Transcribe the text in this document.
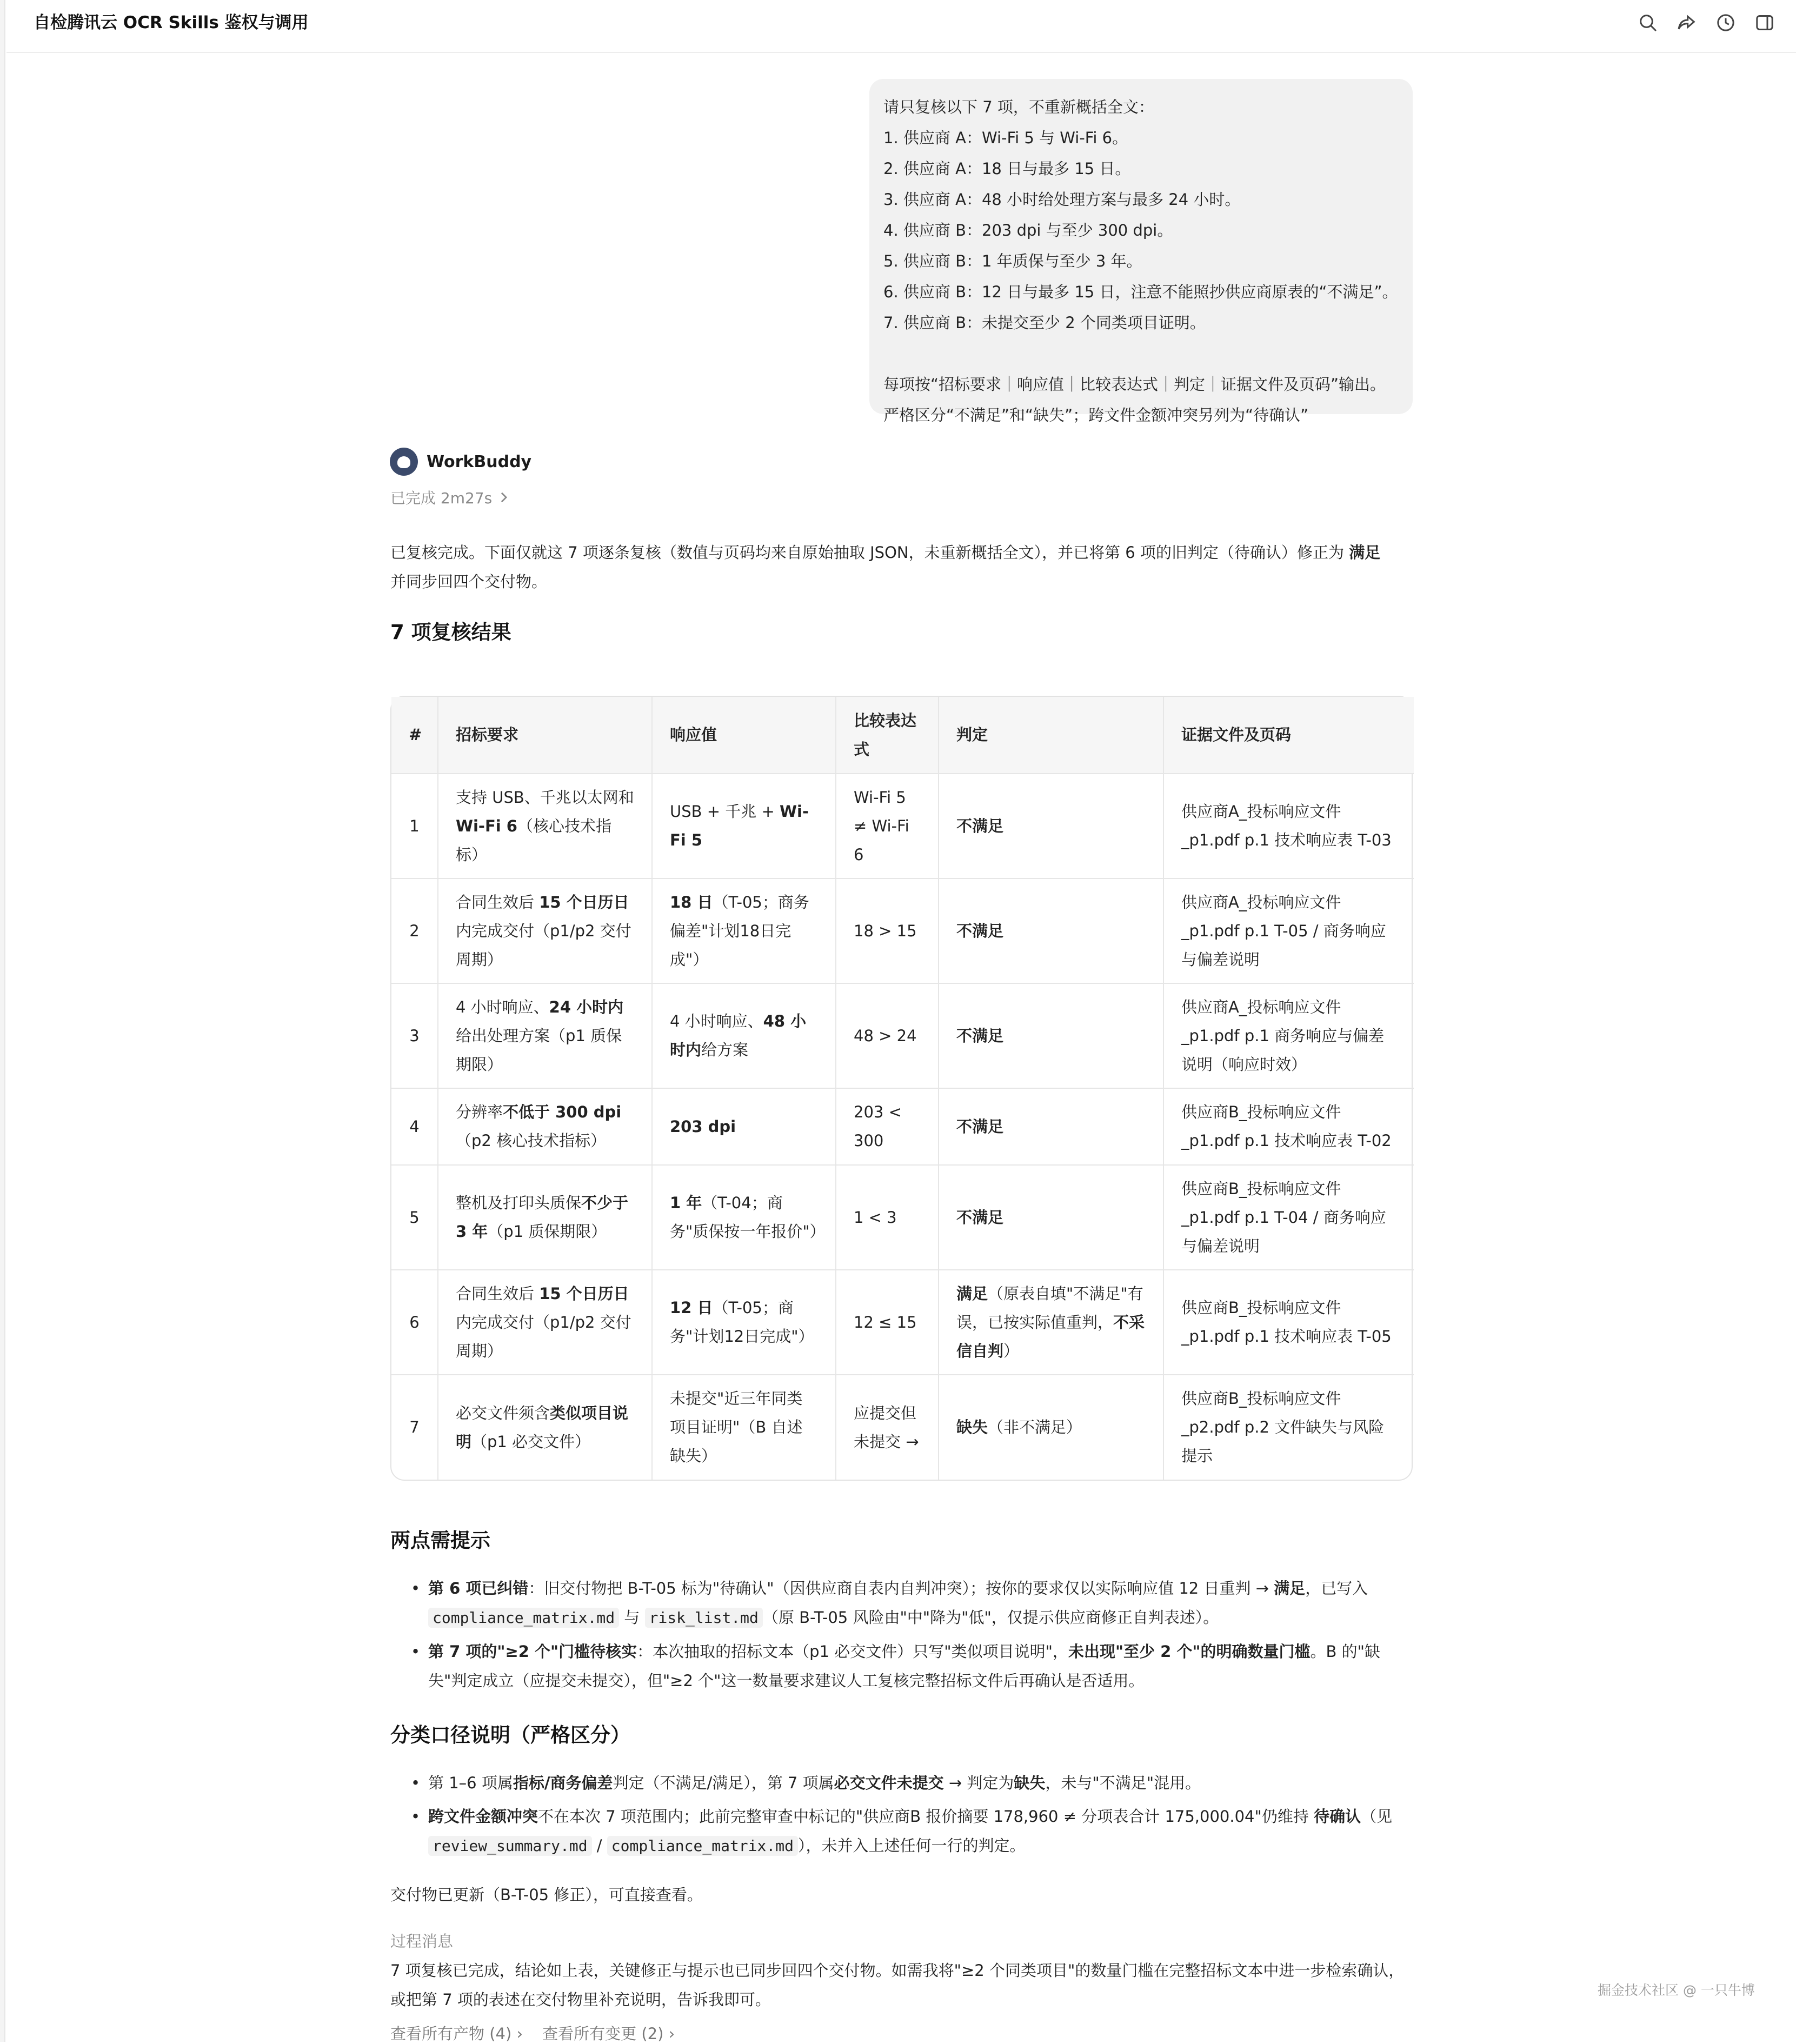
自检腾讯云 OCR Skills 鉴权与调用

请只复核以下 7 项，不重新概括全文：

1. 供应商 A：Wi-Fi 5 与 Wi-Fi 6。

2. 供应商 A：18 日与最多 15 日。

3. 供应商 A：48 小时给处理方案与最多 24 小时。

4. 供应商 B：203 dpi 与至少 300 dpi。

5. 供应商 B：1 年质保与至少 3 年。

6. 供应商 B：12 日与最多 15 日，注意不能照抄供应商原表的“不满足”。

7. 供应商 B：未提交至少 2 个同类项目证明。

每项按“招标要求｜响应值｜比较表达式｜判定｜证据文件及页码”输出。

严格区分“不满足”和“缺失”；跨文件金额冲突另列为“待确认”

WorkBuddy
已完成 2m27s

已复核完成。下面仅就这 7 项逐条复核（数值与页码均来自原始抽取 JSON，未重新概括全文），并已将第 6 项的旧判定（待确认）修正为 满足
并同步回四个交付物。

7 项复核结果
#	招标要求	响应值	比较表达式	判定	证据文件及页码
1	支持 USB、千兆以太网和 Wi-Fi 6（核心技术指标）	USB + 千兆 + Wi-Fi 5	Wi-Fi 5 ≠ Wi-Fi 6	不满足	供应商A_投标响应文件_p1.pdf p.1 技术响应表 T-03
2	合同生效后 15 个日历日内完成交付（p1/p2 交付周期）	18 日（T-05；商务偏差"计划18日完成"）	18 > 15	不满足	供应商A_投标响应文件_p1.pdf p.1 T-05 / 商务响应与偏差说明
3	4 小时响应、24 小时内给出处理方案（p1 质保期限）	4 小时响应、48 小时内给方案	48 > 24	不满足	供应商A_投标响应文件_p1.pdf p.1 商务响应与偏差说明（响应时效）
4	分辨率不低于 300 dpi（p2 核心技术指标）	203 dpi	203 < 300	不满足	供应商B_投标响应文件_p1.pdf p.1 技术响应表 T-02
5	整机及打印头质保不少于 3 年（p1 质保期限）	1 年（T-04；商务"质保按一年报价"）	1 < 3	不满足	供应商B_投标响应文件_p1.pdf p.1 T-04 / 商务响应与偏差说明
6	合同生效后 15 个日历日内完成交付（p1/p2 交付周期）	12 日（T-05；商务"计划12日完成"）	12 ≤ 15	满足（原表自填"不满足"有误，已按实际值重判，不采信自判）	供应商B_投标响应文件_p1.pdf p.1 技术响应表 T-05
7	必交文件须含类似项目说明（p1 必交文件）	未提交"近三年同类项目证明"（B 自述缺失）	应提交但未提交 →	缺失（非不满足）	供应商B_投标响应文件_p2.pdf p.2 文件缺失与风险提示
两点需提示
• 第 6 项已纠错：旧交付物把 B-T-05 标为"待确认"（因供应商自表内自判冲突）；按你的要求仅以实际响应值 12 日重判 → 满足，已写入 compliance_matrix.md 与 risk_list.md （原 B-T-05 风险由"中"降为"低"，仅提示供应商修正自判表述）。
• 第 7 项的"≥2 个"门槛待核实：本次抽取的招标文本（p1 必交文件）只写"类似项目说明"，未出现"至少 2 个"的明确数量门槛。B 的"缺失"判定成立（应提交未提交），但"≥2 个"这一数量要求建议人工复核完整招标文件后再确认是否适用。
分类口径说明（严格区分）
• 第 1–6 项属指标/商务偏差判定（不满足/满足），第 7 项属必交文件未提交 → 判定为缺失，未与"不满足"混用。
• 跨文件金额冲突不在本次 7 项范围内；此前完整审查中标记的"供应商B 报价摘要 178,960 ≠ 分项表合计 175,000.04"仍维持 待确认（见 review_summary.md / compliance_matrix.md ），未并入上述任何一行的判定。

交付物已更新（B-T-05 修正），可直接查看。

过程消息

7 项复核已完成，结论如上表，关键修正与提示也已同步回四个交付物。如需我将"≥2 个同类项目"的数量门槛在完整招标文本中进一步检索确认，或把第 7 项的表述在交付物里补充说明，告诉我即可。

查看所有产物 (4) › 查看所有变更 (2) ›
掘金技术社区 @ 一只牛博
